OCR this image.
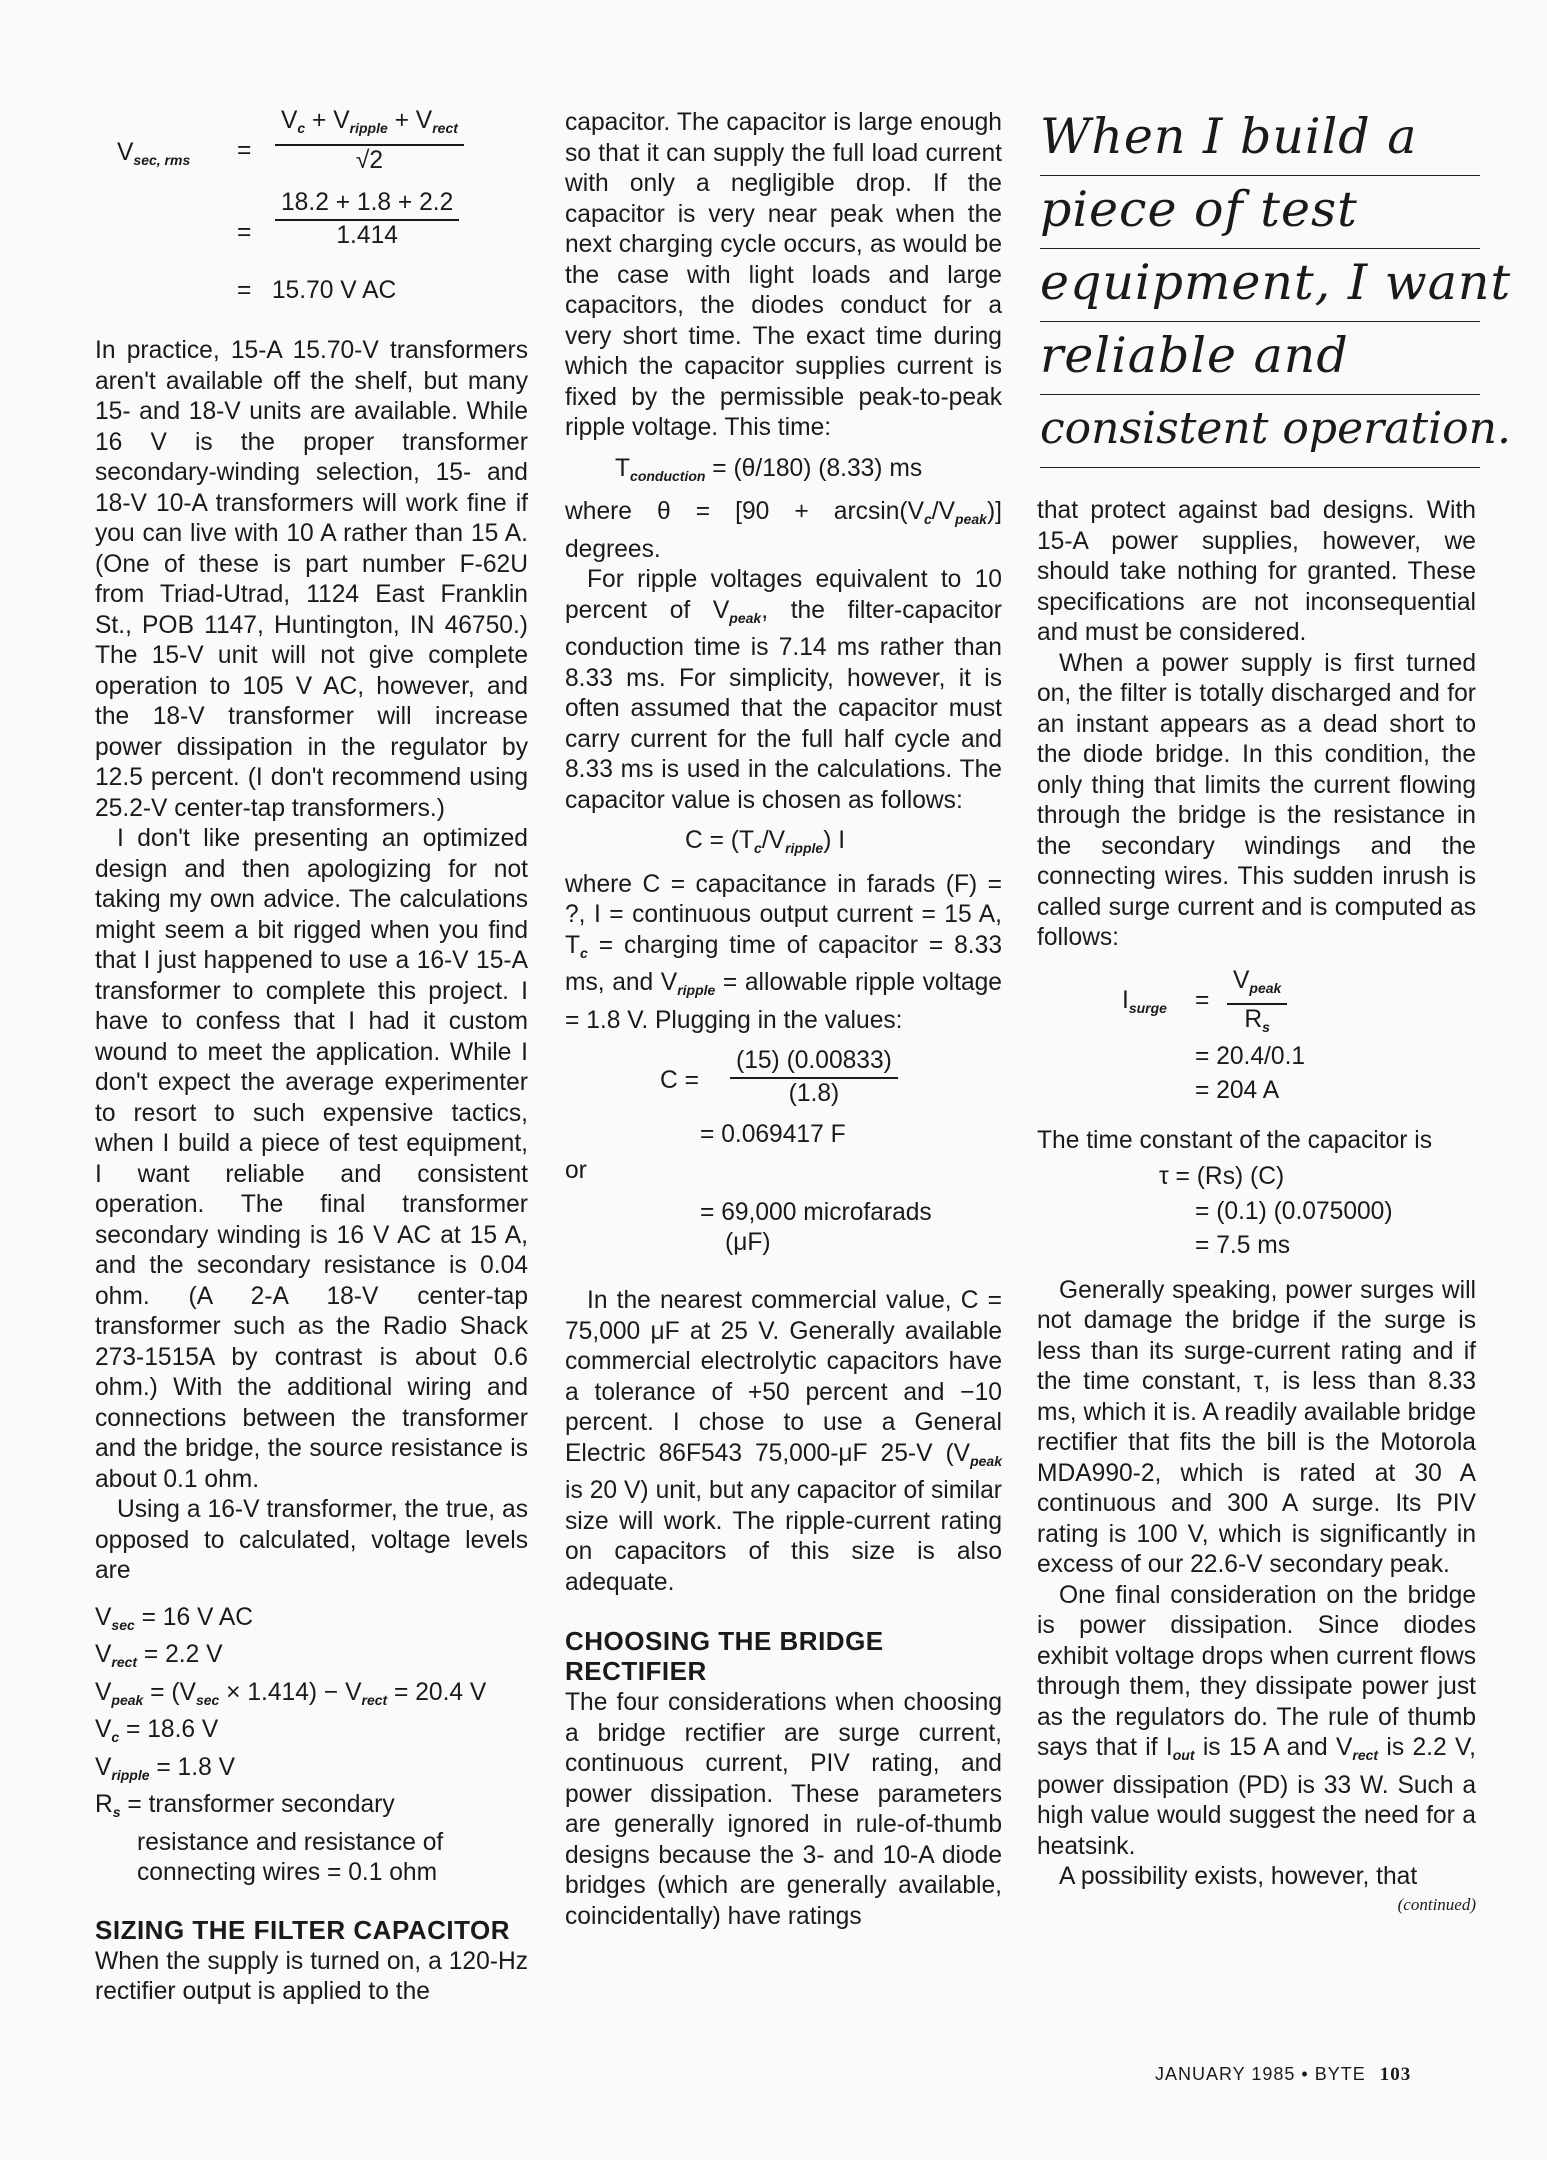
$V_{sec, rms}$ =
$V_c + V_{ripple} + V_{rect}$
√2
= $\frac{18.2 + 1.8 + 2.2}{1.414}$
= 15.70 V AC

In practice, 15-A 15.70-V transformers aren't available off the shelf, but many 15- and 18-V units are available. While 16 V is the proper transformer secondary-winding selection, 15- and 18-V 10-A transformers will work fine if you can live with 10 A rather than 15 A. (One of these is part number F-62U from Triad-Utrad, 1124 East Franklin St., POB 1147, Huntington, IN 46750.) The 15-V unit will not give complete operation to 105 V AC, however, and the 18-V transformer will increase power dissipation in the regulator by 12.5 percent. (I don't recommend using 25.2-V center-tap transformers.)

I don't like presenting an optimized design and then apologizing for not taking my own advice. The calculations might seem a bit rigged when you find that I just happened to use a 16-V 15-A transformer to complete this project. I have to confess that I had it custom wound to meet the application. While I don't expect the average experimenter to resort to such expensive tactics, when I build a piece of test equipment, I want reliable and consistent operation. The final transformer secondary winding is 16 V AC at 15 A, and the secondary resistance is 0.04 ohm. (A 2-A 18-V center-tap transformer such as the Radio Shack 273-1515A by contrast is about 0.6 ohm.) With the additional wiring and connections between the transformer and the bridge, the source resistance is about 0.1 ohm.

Using a 16-V transformer, the true, as opposed to calculated, voltage levels are

$V_{sec} = 16$ V AC
$V_{rect} = 2.2$ V
$V_{peak} = (V_{sec} \times 1.414) - V_{rect} = 20.4$ V
$V_c = 18.6$ V
$V_{ripple} = 1.8$ V
$R_s$ = transformer secondary
resistance and resistance of
connecting wires = 0.1 ohm
SIZING THE FILTER CAPACITOR

When the supply is turned on, a 120-Hz rectifier output is applied to the

capacitor. The capacitor is large enough so that it can supply the full load current with only a negligible drop. If the capacitor is very near peak when the next charging cycle occurs, as would be the case with light loads and large capacitors, the diodes conduct for a very short time. The exact time during which the capacitor supplies current is fixed by the permissible peak-to-peak ripple voltage. This time:

$T_{conduction} = (\theta/180)$ (8.33) ms

where $\theta = [90 + \arcsin(V_c/V_{peak})]$ degrees.

For ripple voltages equivalent to 10 percent of $V_{peak}$, the filter-capacitor conduction time is 7.14 ms rather than 8.33 ms. For simplicity, however, it is often assumed that the capacitor must carry current for the full half cycle and 8.33 ms is used in the calculations. The capacitor value is chosen as follows:

$C = (T_c/V_{ripple})$ I

where C = capacitance in farads (F) = ?, I = continuous output current = 15 A, $T_c$ = charging time of capacitor = 8.33 ms, and $V_{ripple}$ = allowable ripple voltage = 1.8 V. Plugging in the values:

$C = \frac{(15) (0.00833)}{(1.8)}$
= 0.069417 F
or
= 69,000 microfarads
(μF)

In the nearest commercial value, C = 75,000 μF at 25 V. Generally available commercial electrolytic capacitors have a tolerance of +50 percent and −10 percent. I chose to use a General Electric 86F543 75,000-μF 25-V ($V_{peak}$ is 20 V) unit, but any capacitor of similar size will work. The ripple-current rating on capacitors of this size is also adequate.

CHOOSING THE BRIDGE RECTIFIER

The four considerations when choosing a bridge rectifier are surge current, continuous current, PIV rating, and power dissipation. These parameters are generally ignored in rule-of-thumb designs because the 3- and 10-A diode bridges (which are generally available, coincidentally) have ratings

When I build a
piece of test
equipment, I want
reliable and
consistent operation.

that protect against bad designs. With 15-A power supplies, however, we should take nothing for granted. These specifications are not inconsequential and must be considered.

When a power supply is first turned on, the filter is totally discharged and for an instant appears as a dead short to the diode bridge. In this condition, the only thing that limits the current flowing through the bridge is the resistance in the secondary windings and the connecting wires. This sudden inrush is called surge current and is computed as follows:

$I_{surge}$ =
$V_{peak}$
$R_s$
= 20.4/0.1
= 204 A

The time constant of the capacitor is

τ = (Rs) (C)
= (0.1) (0.075000)
= 7.5 ms

Generally speaking, power surges will not damage the bridge if the surge is less than its surge-current rating and if the time constant, τ, is less than 8.33 ms, which it is. A readily available bridge rectifier that fits the bill is the Motorola MDA990-2, which is rated at 30 A continuous and 300 A surge. Its PIV rating is 100 V, which is significantly in excess of our 22.6-V secondary peak.

One final consideration on the bridge is power dissipation. Since diodes exhibit voltage drops when current flows through them, they dissipate power just as the regulators do. The rule of thumb says that if $I_{out}$ is 15 A and $V_{rect}$ is 2.2 V, power dissipation (PD) is 33 W. Such a high value would suggest the need for a heatsink.

A possibility exists, however, that

(continued)
JANUARY 1985 • BYTE 103
